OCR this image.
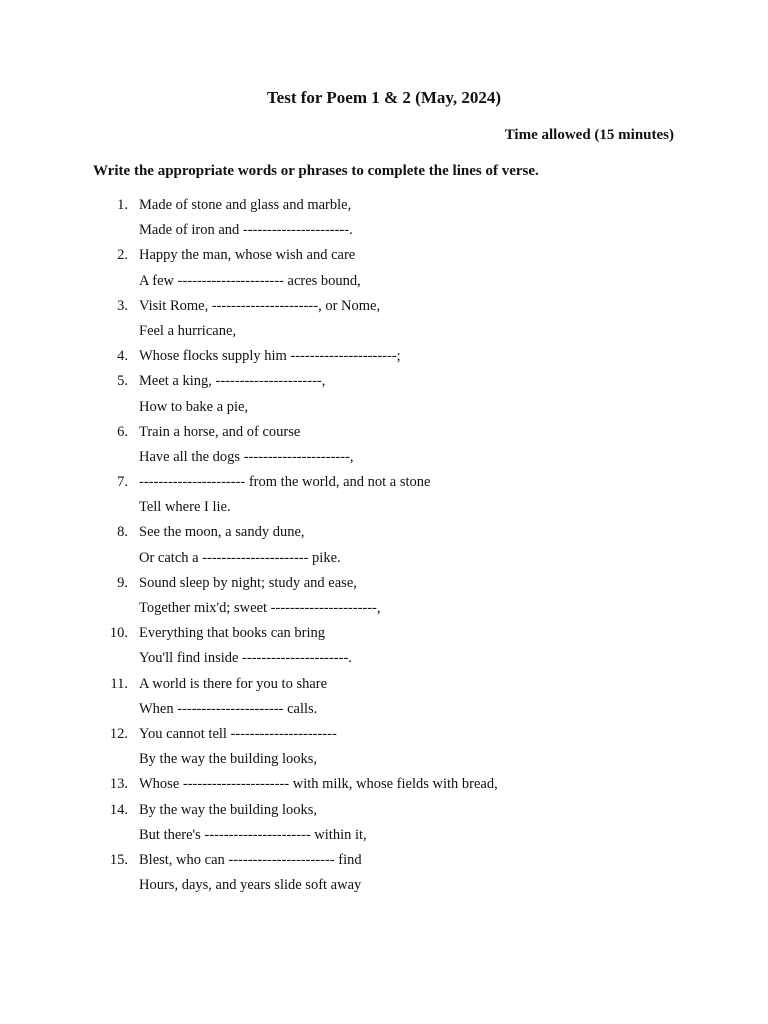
Test for Poem 1 & 2 (May, 2024)
Time allowed (15 minutes)
Write the appropriate words or phrases to complete the lines of verse.
1. Made of stone and glass and marble,
Made of iron and ----------------------.
2. Happy the man, whose wish and care
A few ---------------------- acres bound,
3. Visit Rome, ----------------------, or Nome,
Feel a hurricane,
4. Whose flocks supply him ----------------------;
5. Meet a king, ----------------------,
How to bake a pie,
6. Train a horse, and of course
Have all the dogs ----------------------,
7. ---------------------- from the world, and not a stone
Tell where I lie.
8. See the moon, a sandy dune,
Or catch a ---------------------- pike.
9. Sound sleep by night; study and ease,
Together mix'd; sweet ----------------------,
10. Everything that books can bring
You'll find inside ----------------------.
11. A world is there for you to share
When ---------------------- calls.
12. You cannot tell ----------------------
By the way the building looks,
13. Whose ---------------------- with milk, whose fields with bread,
14. By the way the building looks,
But there's ---------------------- within it,
15. Blest, who can ---------------------- find
Hours, days, and years slide soft away
